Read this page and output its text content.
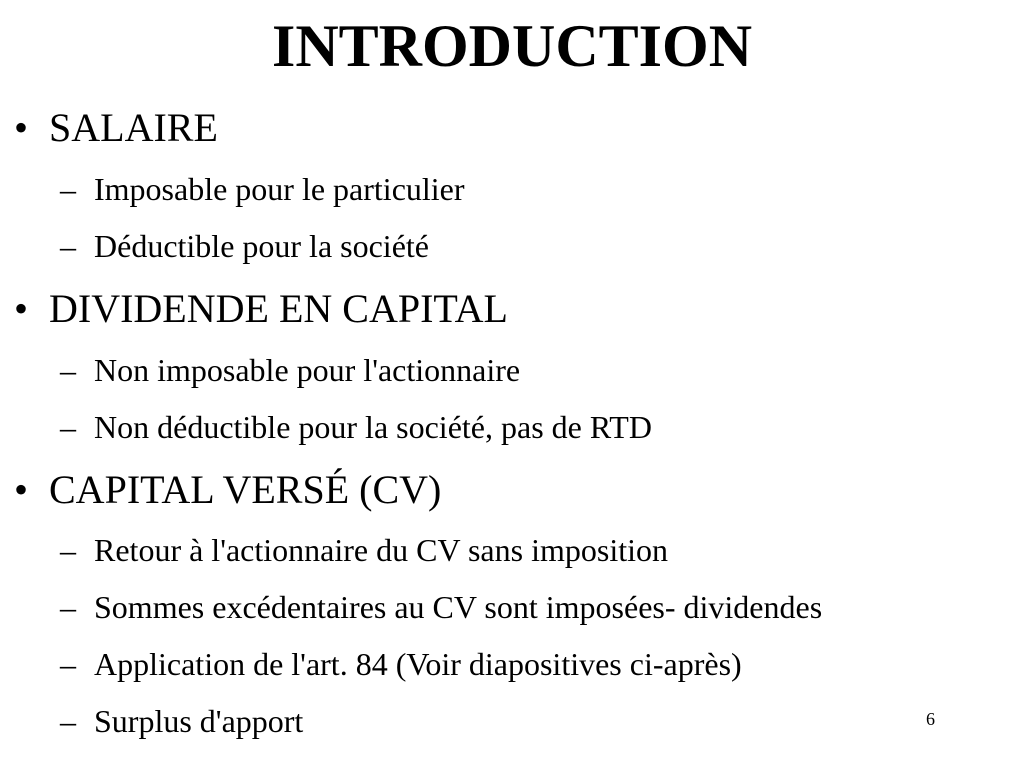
INTRODUCTION

• SALAIRE

– Imposable pour le particulier

– Déductible pour la société

• DIVIDENDE EN CAPITAL

– Non imposable pour l'actionnaire

– Non déductible pour la société, pas de RTD

• CAPITAL VERSÉ (CV)

– Retour à l'actionnaire du CV sans imposition

– Sommes excédentaires au CV sont imposées- dividendes

– Application de l'art. 84 (Voir diapositives ci-après)

– Surplus d'apport	6
